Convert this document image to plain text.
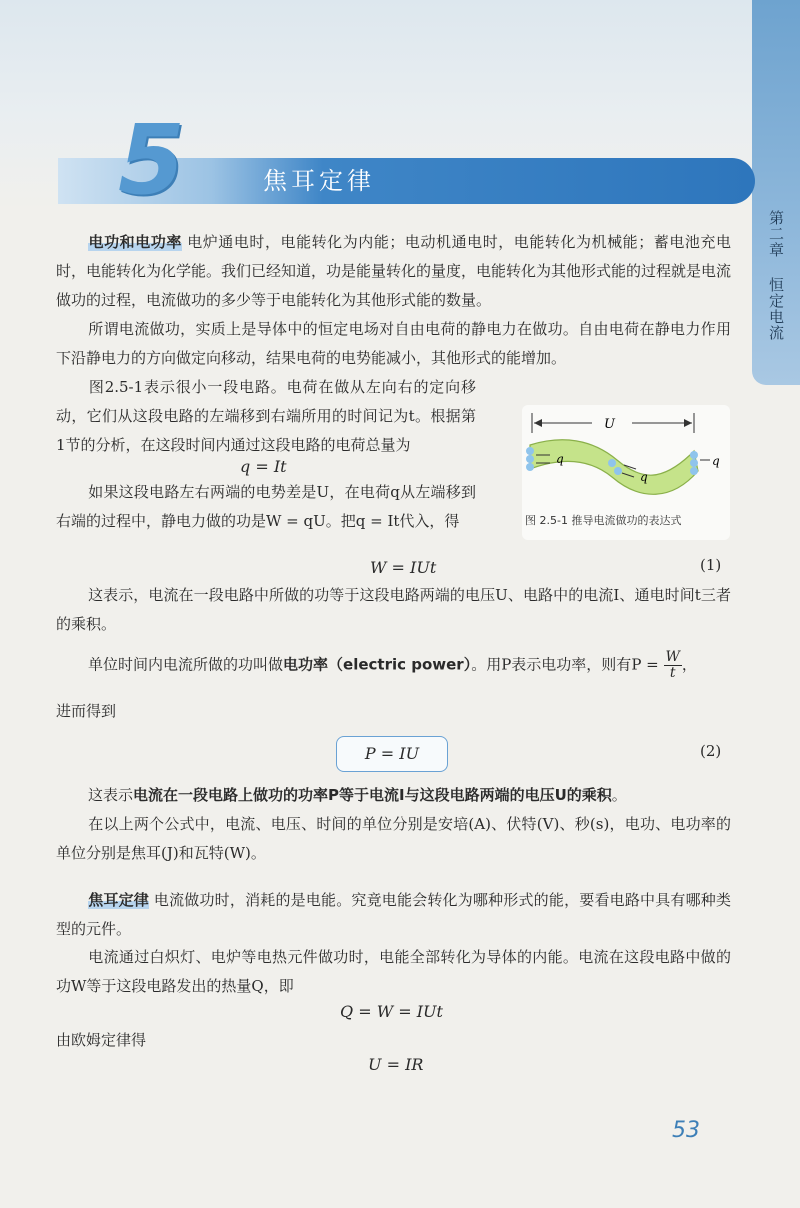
第二章 恒定电流
5	焦耳定律
电功和电功率 电炉通电时，电能转化为内能；电动机通电时，电能转化为机械能；蓄电池充电时，电能转化为化学能。我们已经知道，功是能量转化的量度，电能转化为其他形式能的过程就是电流做功的过程，电流做功的多少等于电能转化为其他形式能的数量。
所谓电流做功，实质上是导体中的恒定电场对自由电荷的静电力在做功。自由电荷在静电力作用下沿静电力的方向做定向移动，结果电荷的电势能减小，其他形式的能增加。
图2.5-1表示很小一段电路。电荷在做从左向右的定向移动，它们从这段电路的左端移到右端所用的时间记为t。根据第1节的分析，在这段时间内通过这段电路的电荷总量为
q = It
如果这段电路左右两端的电势差是U，在电荷q从左端移到右端的过程中，静电力做的功是W = qU。把q = It代入，得
U
q
q
q
图 2.5-1 推导电流做功的表达式
W = IUt	(1)
这表示，电流在一段电路中所做的功等于这段电路两端的电压U、电路中的电流I、通电时间t三者的乘积。
单位时间内电流所做的功叫做电功率（electric power）。用P表示电功率，则有$P = \frac{W}{t}$ ，
进而得到
P = IU	(2)
这表示电流在一段电路上做功的功率P等于电流I与这段电路两端的电压U的乘积。
在以上两个公式中，电流、电压、时间的单位分别是安培(A)、伏特(V)、秒(s)，电功、电功率的单位分别是焦耳(J)和瓦特(W)。
焦耳定律 电流做功时，消耗的是电能。究竟电能会转化为哪种形式的能，要看电路中具有哪种类型的元件。
电流通过白炽灯、电炉等电热元件做功时，电能全部转化为导体的内能。电流在这段电路中做的功W等于这段电路发出的热量Q，即
Q = W = IUt
由欧姆定律得
U = IR
53
